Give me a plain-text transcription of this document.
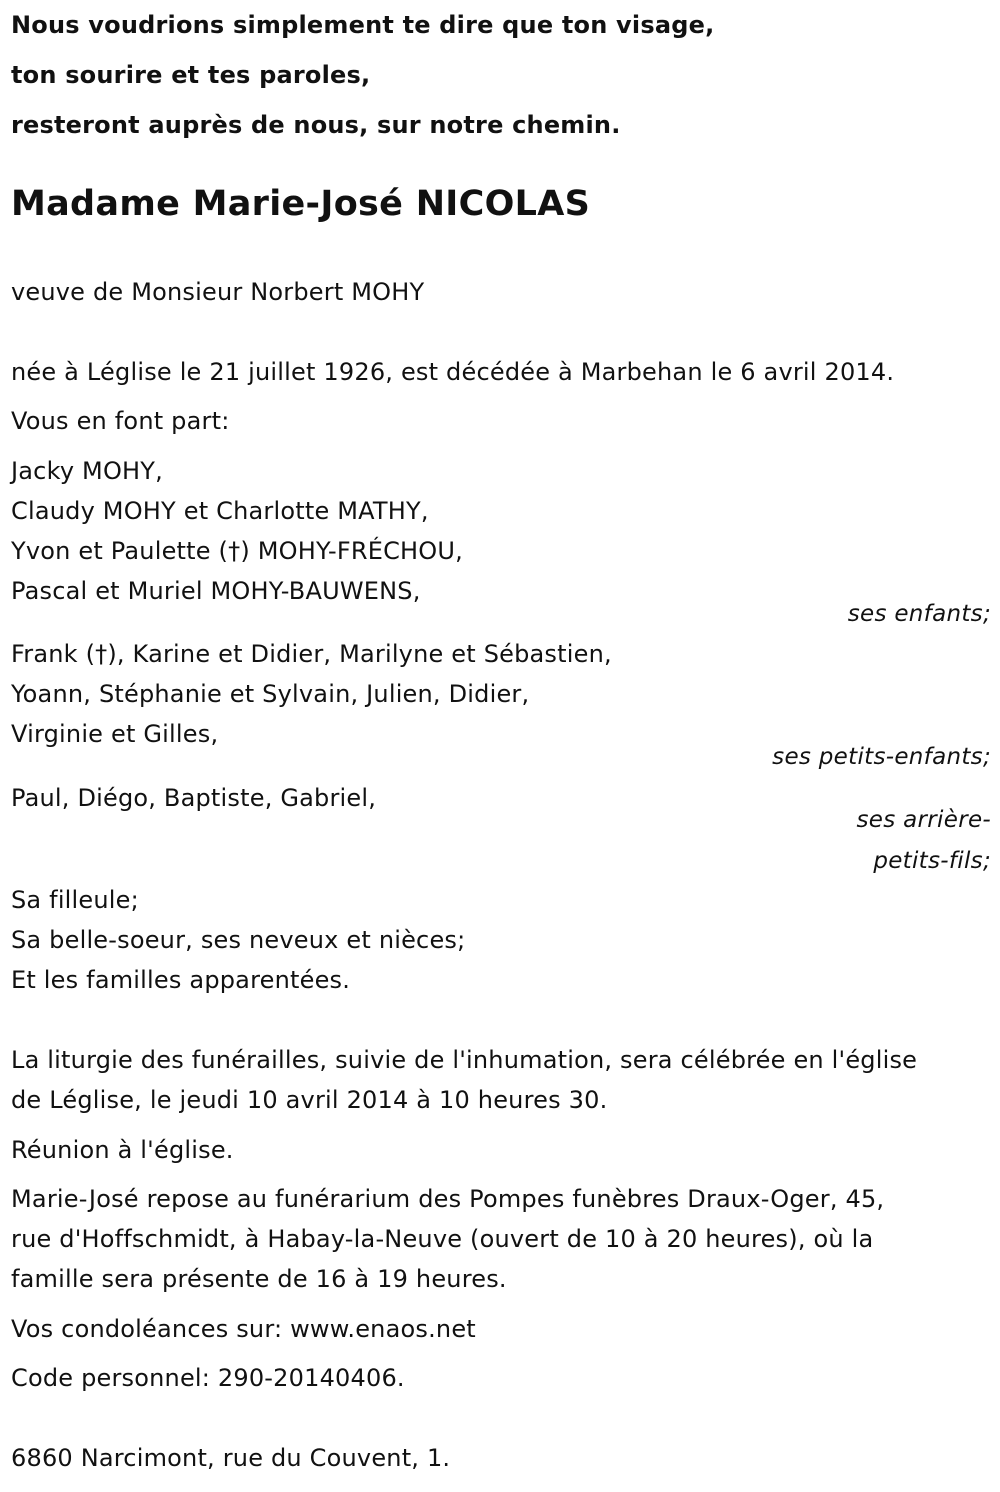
Nous voudrions simplement te dire que ton visage,

ton sourire et tes paroles,

resteront auprès de nous, sur notre chemin.

Madame Marie-José NICOLAS

veuve de Monsieur Norbert MOHY

née à Léglise le 21 juillet 1926, est décédée à Marbehan le 6 avril 2014.

Vous en font part:

Jacky MOHY,

Claudy MOHY et Charlotte MATHY,

Yvon et Paulette (†) MOHY-FRÉCHOU,

Pascal et Muriel MOHY-BAUWENS,

ses enfants;

Frank (†), Karine et Didier, Marilyne et Sébastien,

Yoann, Stéphanie et Sylvain, Julien, Didier,

Virginie et Gilles,

ses petits-enfants;

Paul, Diégo, Baptiste, Gabriel,

ses arrière-

petits-fils;

Sa filleule;

Sa belle-soeur, ses neveux et nièces;

Et les familles apparentées.

La liturgie des funérailles, suivie de l'inhumation, sera célébrée en l'église

de Léglise, le jeudi 10 avril 2014 à 10 heures 30.

Réunion à l'église.

Marie-José repose au funérarium des Pompes funèbres Draux-Oger, 45,

rue d'Hoffschmidt, à Habay-la-Neuve (ouvert de 10 à 20 heures), où la

famille sera présente de 16 à 19 heures.

Vos condoléances sur: www.enaos.net

Code personnel: 290-20140406.

6860 Narcimont, rue du Couvent, 1.
